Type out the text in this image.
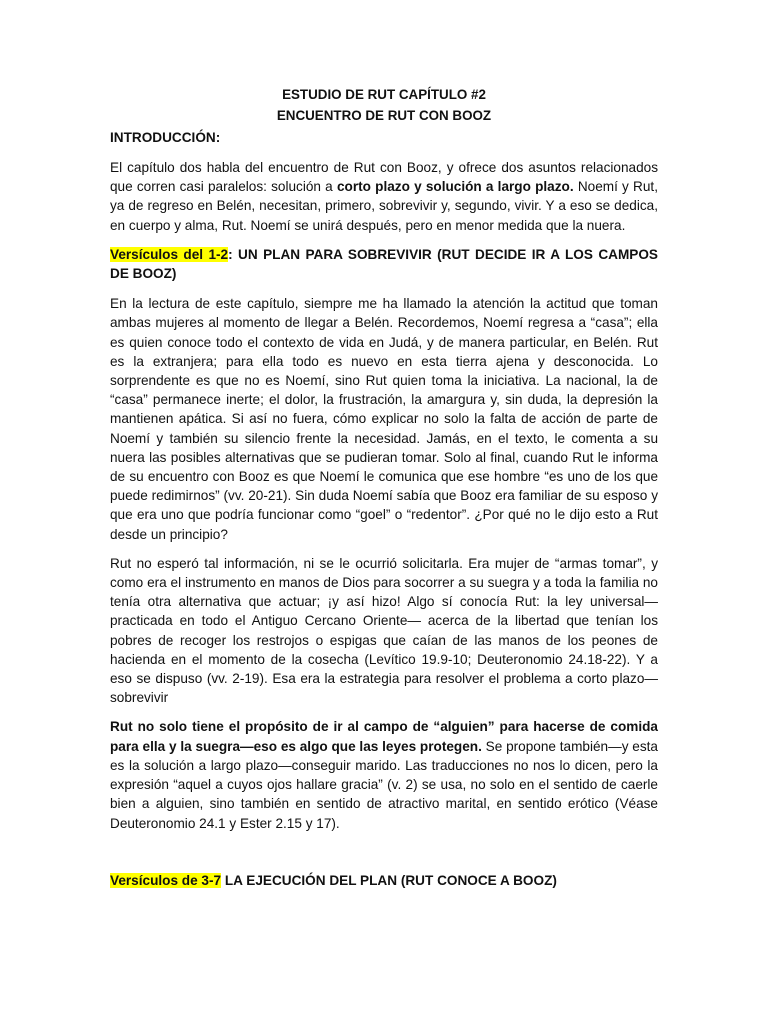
ESTUDIO DE RUT CAPÍTULO #2
ENCUENTRO DE RUT CON BOOZ
INTRODUCCIÓN:

El capítulo dos habla del encuentro de Rut con Booz, y ofrece dos asuntos relacionados que corren casi paralelos: solución a corto plazo y solución a largo plazo. Noemí y Rut, ya de regreso en Belén, necesitan, primero, sobrevivir y, segundo, vivir. Y a eso se dedica, en cuerpo y alma, Rut. Noemí se unirá después, pero en menor medida que la nuera.

Versículos del 1-2: UN PLAN PARA SOBREVIVIR (RUT DECIDE IR A LOS CAMPOS DE BOOZ)

En la lectura de este capítulo, siempre me ha llamado la atención la actitud que toman ambas mujeres al momento de llegar a Belén. Recordemos, Noemí regresa a “casa”; ella es quien conoce todo el contexto de vida en Judá, y de manera particular, en Belén. Rut es la extranjera; para ella todo es nuevo en esta tierra ajena y desconocida. Lo sorprendente es que no es Noemí, sino Rut quien toma la iniciativa. La nacional, la de “casa” permanece inerte; el dolor, la frustración, la amargura y, sin duda, la depresión la mantienen apática. Si así no fuera, cómo explicar no solo la falta de acción de parte de Noemí y también su silencio frente la necesidad. Jamás, en el texto, le comenta a su nuera las posibles alternativas que se pudieran tomar. Solo al final, cuando Rut le informa de su encuentro con Booz es que Noemí le comunica que ese hombre “es uno de los que puede redimirnos” (vv. 20-21). Sin duda Noemí sabía que Booz era familiar de su esposo y que era uno que podría funcionar como “goel” o “redentor”. ¿Por qué no le dijo esto a Rut desde un principio?

Rut no esperó tal información, ni se le ocurrió solicitarla. Era mujer de “armas tomar”, y como era el instrumento en manos de Dios para socorrer a su suegra y a toda la familia no tenía otra alternativa que actuar; ¡y así hizo! Algo sí conocía Rut: la ley universal—practicada en todo el Antiguo Cercano Oriente— acerca de la libertad que tenían los pobres de recoger los restrojos o espigas que caían de las manos de los peones de hacienda en el momento de la cosecha (Levítico 19.9-10; Deuteronomio 24.18-22). Y a eso se dispuso (vv. 2-19). Esa era la estrategia para resolver el problema a corto plazo—sobrevivir

Rut no solo tiene el propósito de ir al campo de “alguien” para hacerse de comida para ella y la suegra—eso es algo que las leyes protegen. Se propone también—y esta es la solución a largo plazo—conseguir marido. Las traducciones no nos lo dicen, pero la expresión “aquel a cuyos ojos hallare gracia” (v. 2) se usa, no solo en el sentido de caerle bien a alguien, sino también en sentido de atractivo marital, en sentido erótico (Véase Deuteronomio 24.1 y Ester 2.15 y 17).

Versículos de 3-7 LA EJECUCIÓN DEL PLAN (RUT CONOCE A BOOZ)
